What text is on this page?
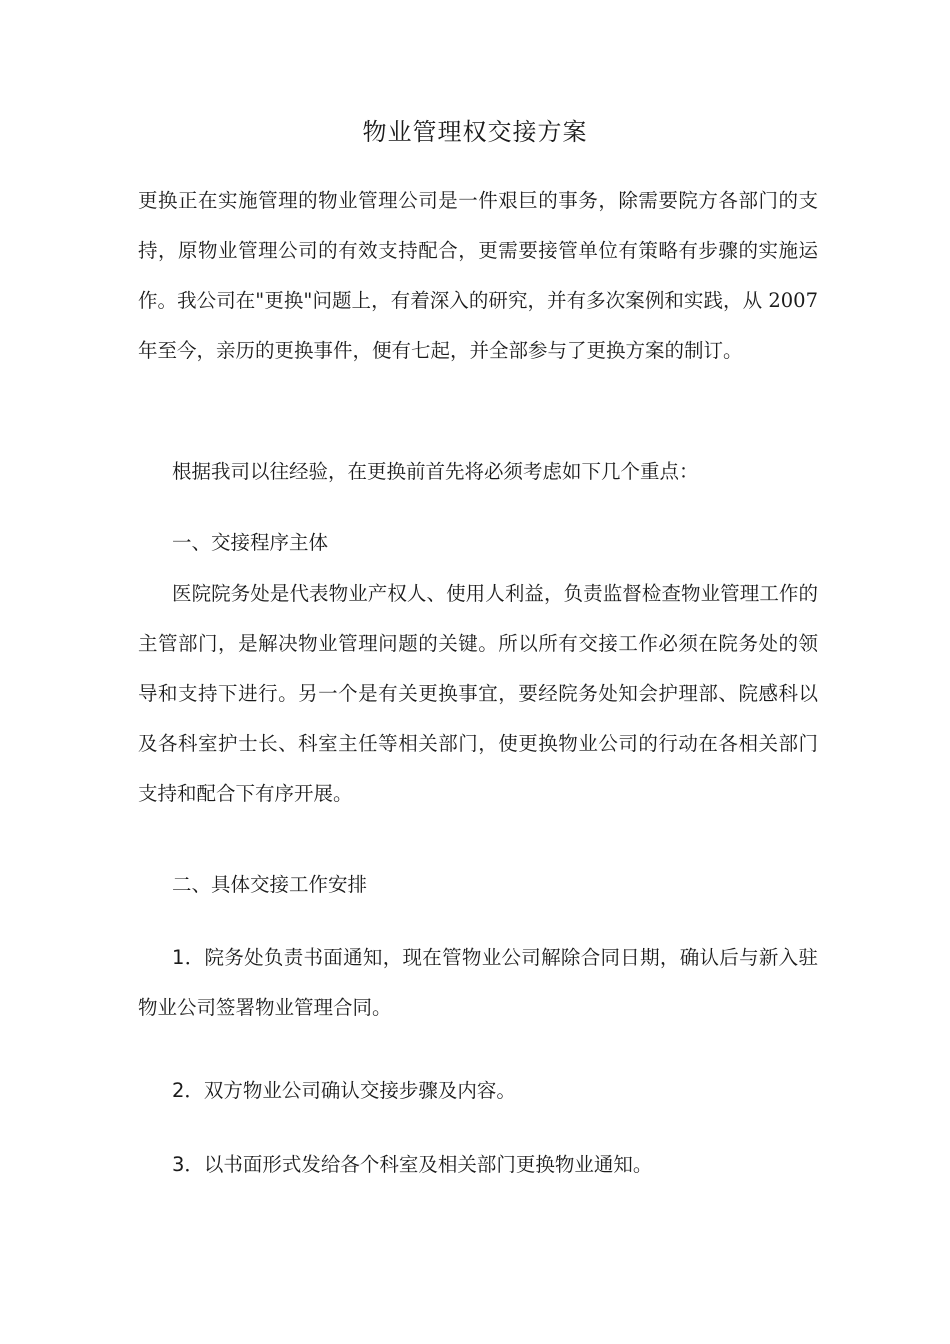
物业管理权交接方案
更换正在实施管理的物业管理公司是一件艰巨的事务，除需要院方各部门的支持，原物业管理公司的有效支持配合，更需要接管单位有策略有步骤的实施运作。我公司在"更换"问题上，有着深入的研究，并有多次案例和实践，从 2007 年至今，亲历的更换事件，便有七起，并全部参与了更换方案的制订。
根据我司以往经验，在更换前首先将必须考虑如下几个重点：
一、交接程序主体
医院院务处是代表物业产权人、使用人利益，负责监督检查物业管理工作的主管部门，是解决物业管理问题的关键。所以所有交接工作必须在院务处的领导和支持下进行。另一个是有关更换事宜，要经院务处知会护理部、院感科以及各科室护士长、科室主任等相关部门，使更换物业公司的行动在各相关部门支持和配合下有序开展。
二、具体交接工作安排
1．院务处负责书面通知，现在管物业公司解除合同日期，确认后与新入驻物业公司签署物业管理合同。
2．双方物业公司确认交接步骤及内容。
3．以书面形式发给各个科室及相关部门更换物业通知。
